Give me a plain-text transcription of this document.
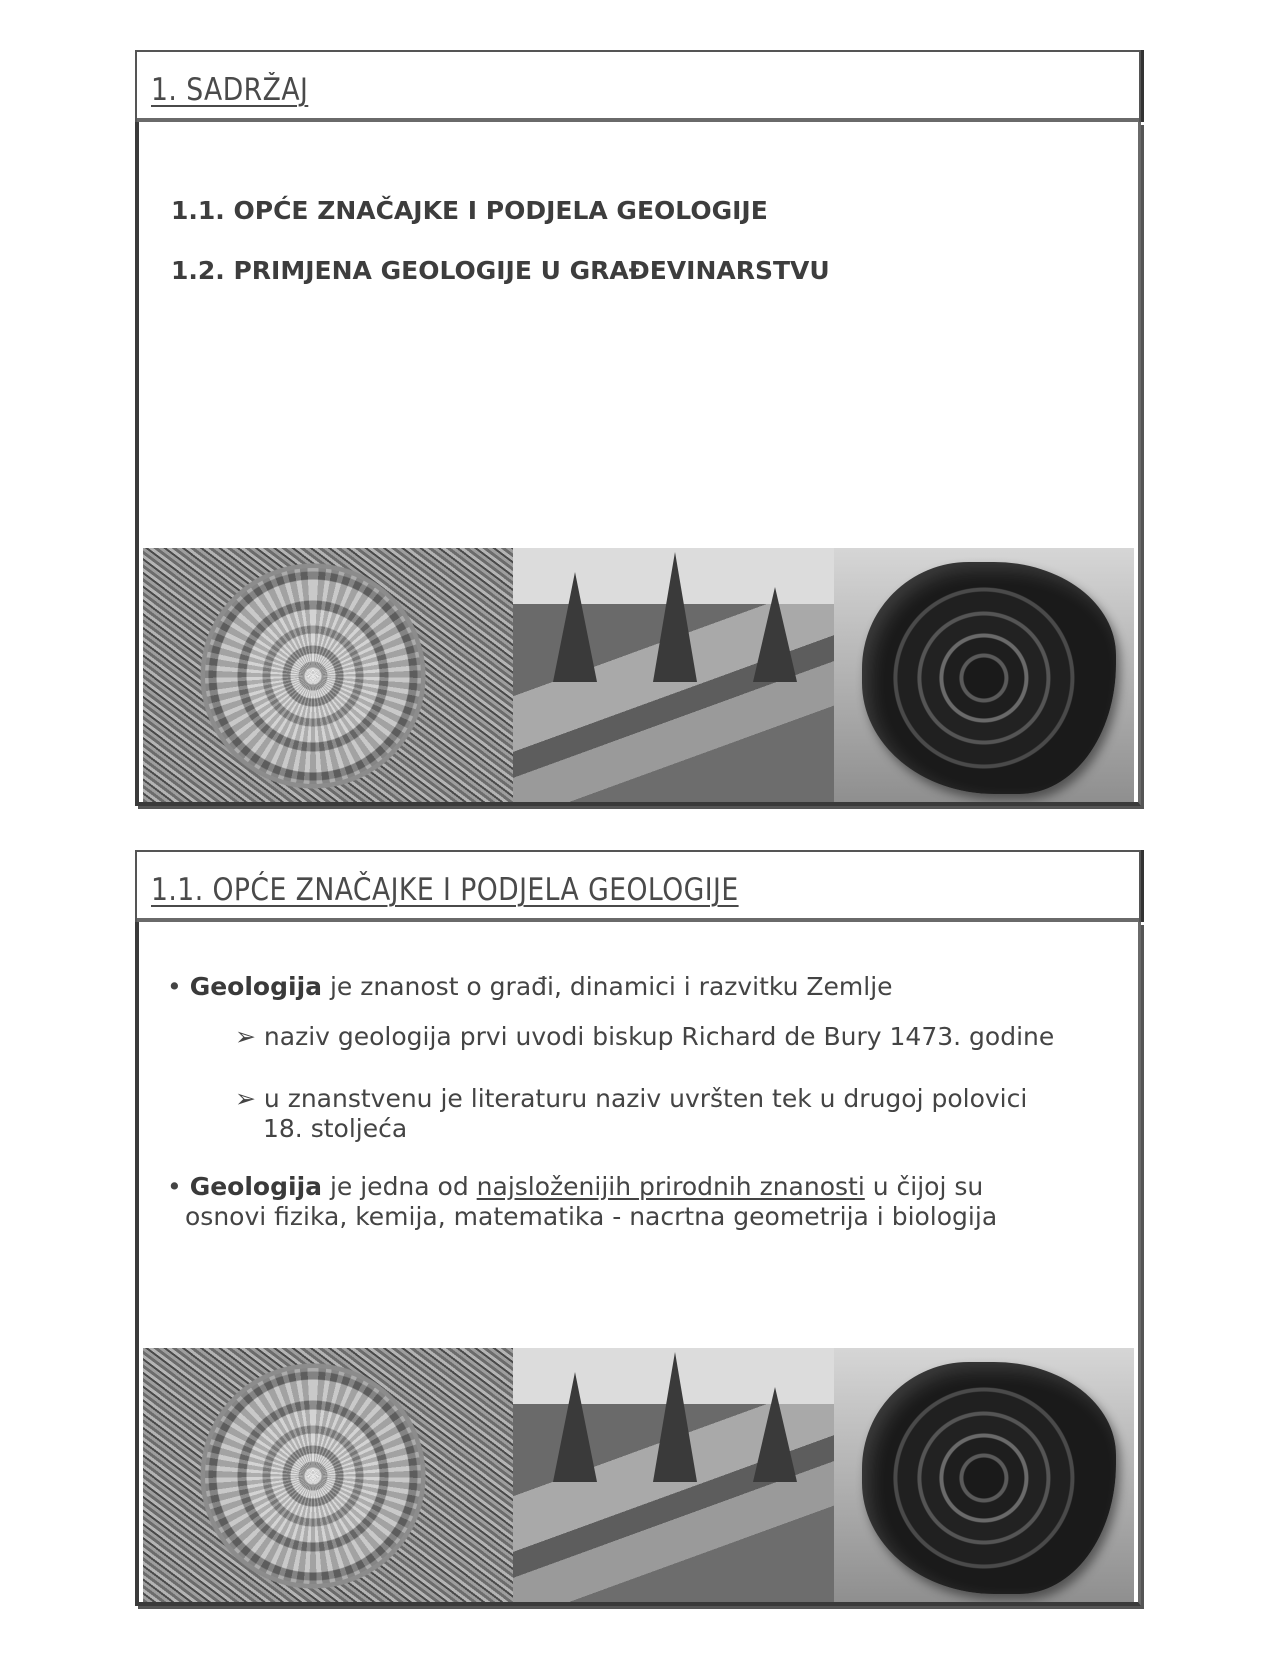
1. SADRŽAJ
1.1. OPĆE ZNAČAJKE I PODJELA GEOLOGIJE
1.2. PRIMJENA GEOLOGIJE U GRAĐEVINARSTVU
1.1. OPĆE ZNAČAJKE I PODJELA GEOLOGIJE
• Geologija je znanost o građi, dinamici i razvitku Zemlje
➢ naziv geologija prvi uvodi biskup Richard de Bury 1473. godine
➢ u znanstvenu je literaturu naziv uvršten tek u drugoj polovici
18. stoljeća
• Geologija je jedna od najsloženijih prirodnih znanosti u čijoj su
osnovi fizika, kemija, matematika - nacrtna geometrija i biologija
